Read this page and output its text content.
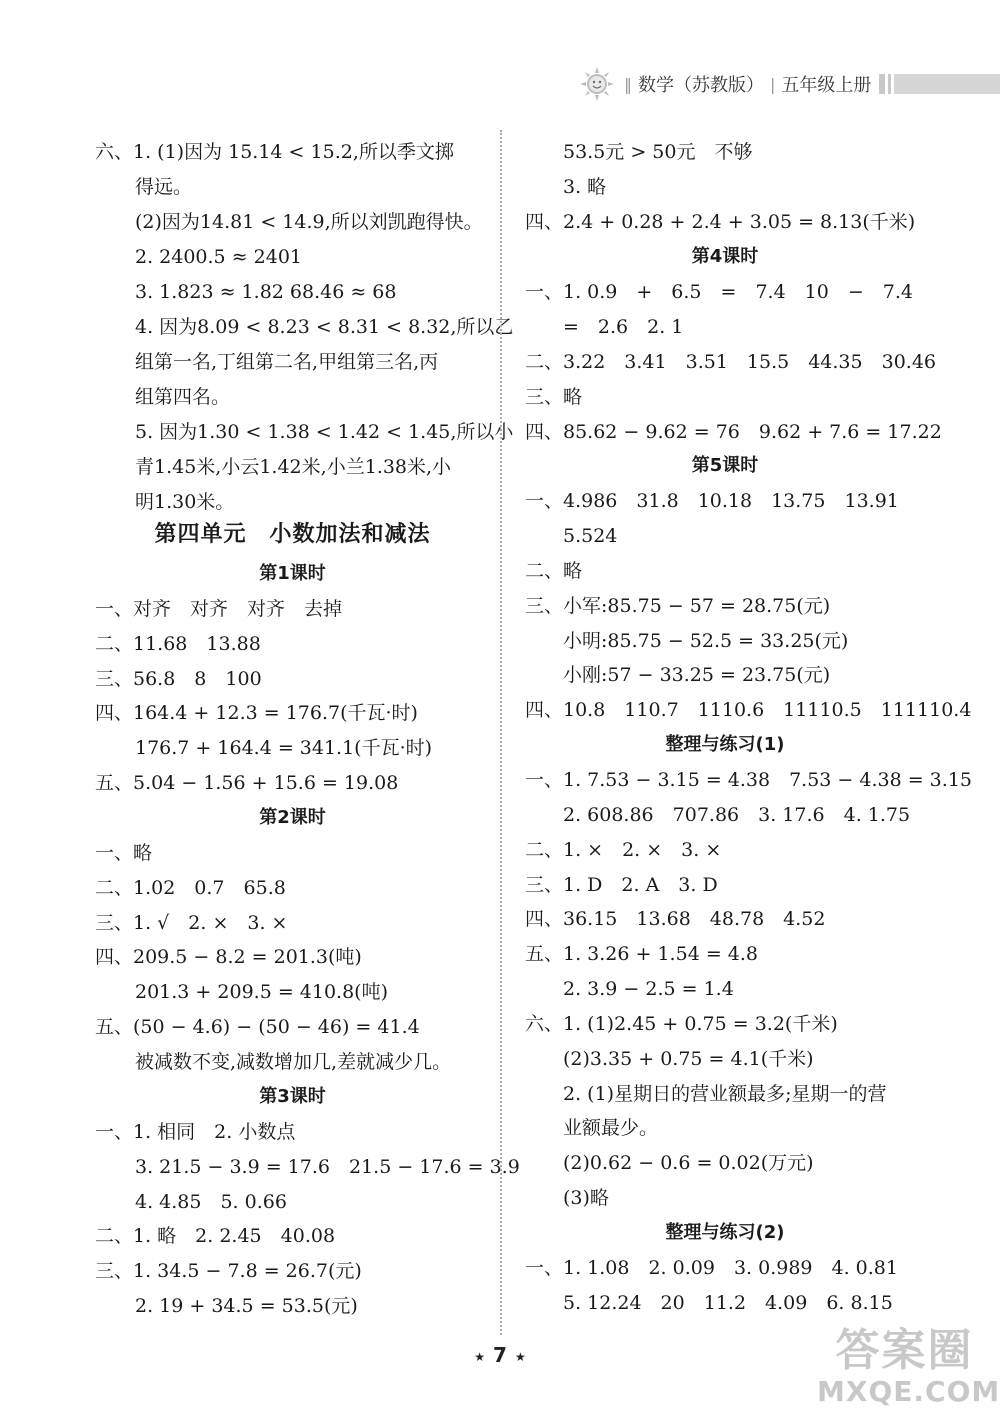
‖ 数学（苏教版） | 五年级上册
六、1. (1)因为 15.14 < 15.2,所以季文掷
得远。
(2)因为14.81 < 14.9,所以刘凯跑得快。
2. 2400.5 ≈ 2401
3. 1.823 ≈ 1.82 68.46 ≈ 68
4. 因为8.09 < 8.23 < 8.31 < 8.32,所以乙
组第一名,丁组第二名,甲组第三名,丙
组第四名。
5. 因为1.30 < 1.38 < 1.42 < 1.45,所以小
青1.45米,小云1.42米,小兰1.38米,小
明1.30米。
第四单元　小数加法和减法
第1课时
一、对齐　对齐　对齐　去掉
二、11.68　13.88
三、56.8　8　100
四、164.4 + 12.3 = 176.7(千瓦·时)
176.7 + 164.4 = 341.1(千瓦·时)
五、5.04 − 1.56 + 15.6 = 19.08
第2课时
一、略
二、1.02　0.7　65.8
三、1. √　2. ×　3. ×
四、209.5 − 8.2 = 201.3(吨)
201.3 + 209.5 = 410.8(吨)
五、(50 − 4.6) − (50 − 46) = 41.4
被减数不变,减数增加几,差就减少几。
第3课时
一、1. 相同　2. 小数点
3. 21.5 − 3.9 = 17.6　21.5 − 17.6 = 3.9
4. 4.85　5. 0.66
二、1. 略　2. 2.45　40.08
三、1. 34.5 − 7.8 = 26.7(元)
2. 19 + 34.5 = 53.5(元)
53.5元 > 50元　不够
3. 略
四、2.4 + 0.28 + 2.4 + 3.05 = 8.13(千米)
第4课时
一、1. 0.9　+　6.5　=　7.4　10　−　7.4
=　2.6　2. 1
二、3.22　3.41　3.51　15.5　44.35　30.46
三、略
四、85.62 − 9.62 = 76　9.62 + 7.6 = 17.22
第5课时
一、4.986　31.8　10.18　13.75　13.91
5.524
二、略
三、小军:85.75 − 57 = 28.75(元)
小明:85.75 − 52.5 = 33.25(元)
小刚:57 − 33.25 = 23.75(元)
四、10.8　110.7　1110.6　11110.5　111110.4
整理与练习(1)
一、1. 7.53 − 3.15 = 4.38　7.53 − 4.38 = 3.15
2. 608.86　707.86　3. 17.6　4. 1.75
二、1. ×　2. ×　3. ×
三、1. D　2. A　3. D
四、36.15　13.68　48.78　4.52
五、1. 3.26 + 1.54 = 4.8
2. 3.9 − 2.5 = 1.4
六、1. (1)2.45 + 0.75 = 3.2(千米)
(2)3.35 + 0.75 = 4.1(千米)
2. (1)星期日的营业额最多;星期一的营
业额最少。
(2)0.62 − 0.6 = 0.02(万元)
(3)略
整理与练习(2)
一、1. 1.08　2. 0.09　3. 0.989　4. 0.81
5. 12.24　20　11.2　4.09　6. 8.15
★ 7 ★	答案圈
MXQE.COM
